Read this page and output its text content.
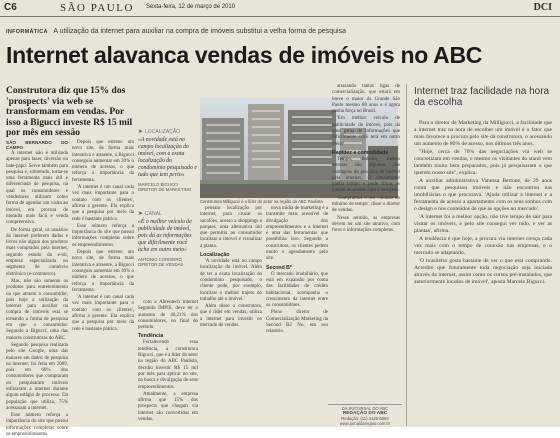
C6	SÃO PAULO Sexta-feira, 12 de março de 2010	DCI
INFORMÁTICA A utilização da internet para auxiliar na compra de imóveis substitui a velha forma de pesquisa
Internet alavanca vendas de imóveis no ABC
Construtora diz que 15% dos 'prospects' via web se transformam em vendas. Por isso a Bigucci investe R$ 15 mil por mês em sessão
SÃO BERNARDO DO CAMPO

A internet não é utilizada apenas para lazer, diversão ou bate-papo. Serve também para pesquisa e, sobretudo, torna-se uma ferramenta mais útil e diferenciada de pesquisa, na qual os consumidores e vendedores utilizam como forma de agendar um visita ao imóvel, em procura de moradia mais fácil e venda compreensiva.

De forma geral, os usuários da internet preferem dados e livros não algum dos produtos mais comprados pela internet, segundo estudo da e-bit, empresa especializada no segmento de comércio eletrônico (e-commerce).

Mas, não são somente os produtos para entretenimento ou que atraem o consumidor, pois hoje a utilização da internet para auxiliar na compra de imóveis está se tornando a forma de pesquisa em que o consumidor. Segundo a Bigucci, uma das maiores construtoras do ABC.

Segundo pesquisa realizada pelo site Google, uma das maiores em dados de pesquisa na internet, foi feita em 2009, pois em 60% dos consumidores que compraram ou pesquisaram imóveis utilizaram a internet durante algum estágio de processo. Da população que utiliza, 75% acessaram a internet.

Esse número reforça a importância do site que possui informações completas sobre os empreendimentos.

Depois que estreou um novo site, de forma mais interativa e atraente, a Bigucci conseguiu aumentar em 30% o número de acessos, o que reforça a importância da ferramenta.

'A internet é um canal cada vez mais importante para o contato com os clientes', afirma a gerente. Ela explica que a pesquisa por meio da rede é bastante prática.

Esse número reforça a importância do site que possui informações completas sobre os empreendimentos.

Depois que estreou um novo site, de forma mais interativa e atraente, a Bigucci conseguiu aumentar em 30% o número de acessos, o que reforça a importância da ferramenta.

'A internet é um canal cada vez mais importante para o contato com os clientes', afirma a gerente. Ela explica que a pesquisa por meio da rede é bastante prática.

➤ LOCALIZAÇÃO
«A novidade está no campo localização do imóvel, com a exata localização do condomínio pesquisado e tudo que tem perto»
MARCELO BIGUCCI DIRETOR DE MARKETING
➤ CANAL
«É o melhor veículo de publicidade de imóvel, pois dá as informações que dificilmente você acha em outro meio»
ANTONIO CORDEIRO DIRETOR DE VENDAS

com a Abrentech internet Segundo IMPIS, deve ter o aumento de 46,21% dos consumidores, no final do período.

Tendência

Fortalecendo essa tendência, a construtora Bigucci, que é a líder do setor na região do ABC Paulista, decidiu investir R$ 15 mil por mês para aplicar no site, na busca e divulgação de seus empreendimentos.

Atualmente, a empresa afirma que 15% dos prospects que chegam via internet são convertidos em vendas.

Construtora Milligucci é o líder do setor na região do ABC Paulista

pensam localização por internet, para cruzar os sacolões, acesso a shoppings e parques, uma alternativa útil que permitiu ao consumidor localizar o imóvel e visualizar a planta.

Localização

'A novidade está no campo localização do imóvel. Além de ter a exata localização do condomínio pesquisado, o cliente pode, por exemplo, localizar o melhor trajeto do trabalho até o imóvel.'

Além disso a construtora, que é líder em vendas, utiliza a internet para investir no mercado de vendas.

nova mídia de marketing é a transmite mais acessível de divulgação dos empreendimentos e a internet é uma das ferramentas que possibilita isso. Segundo a construtora, os clientes pedem muito o agendamento pelo site.

Second B²

O mercado imobiliário, que está em expansão por conta das facilidades de crédito habitacional, acompanha o crescimento da internet entre os consumidores.

Pleno diretor de Comercialização Marketing da Second B2 No, em seu relatório.

atrasando tantas ligas de comercialização, que estará em breve o maior da Grande São Paulo mesmo 80 anos e é agora ganha força no Brasil.

'Em melhor veículo de publicidade de imóvel, pois dá uma gama de informações que dificilmente você terá em outro meio.'

Rapidez e comodidade

Tempo, dinheiro, menos estresse são algumas das vantagens da pesquisa de imóvel pela internet. O consumidor ganha tempo e pode filtrar as buscas de acordo com o desejado.

'Compramos o seu cuidado no mínimo de tempo', disse o diretor de vendas.

Nesse sentido, as empresas devem ter um site atrativo, com fotos e informações completas.

DA SUCURSAL DO ABC
REDAÇÃO DO ABC
Redação: (11) 4125-6666
www.jornaldaregiao.com.br
Internet traz facilidade na hora da escolha

Para o diretor de Marketing da Milligucci, a facilidade que a internet traz na hora de escolher um imóvel é o fator que mais favorece a procura pelo site da construtora, o acessando um aumento de 80% de acesso, nos últimos três anos.

"Hoje, cerca de 70% das negociações via web se concretizam em vendas, e mesmo os visitantes do stand vem também muito bem preparados, pois já pesquisaram o que querem nosso site", explica.

A auxiliar administrativa Vanessa Bertone, de 29 anos conta que pesquisou imóveis e não encontrou nas imobiliárias o que procurava. 'Ajuda utilizar a internet e a ferramenta de acesso a apartamento com os seus sonhos com o design e nos conteúdos de que as opções no mercado'.

'A internet foi a melhor opção, não tive tempo de sair para visitar os imóveis, e pelo site consegui ver tudo, e ver as plantas', afirma.

A tendência é que hoje, a procura via internet cresça cada vez mais com o tempo de conexão nas empresas, e o mercado se adaptando.

'O brasileiro gosta bastante de ver o que está comprando. Acredito que futuramente toda negociação seja iniciada através da internet, assim como os cursos pré-instalados, que anteriormente locados de imóvel', aposta Marcelo Bigucci.
